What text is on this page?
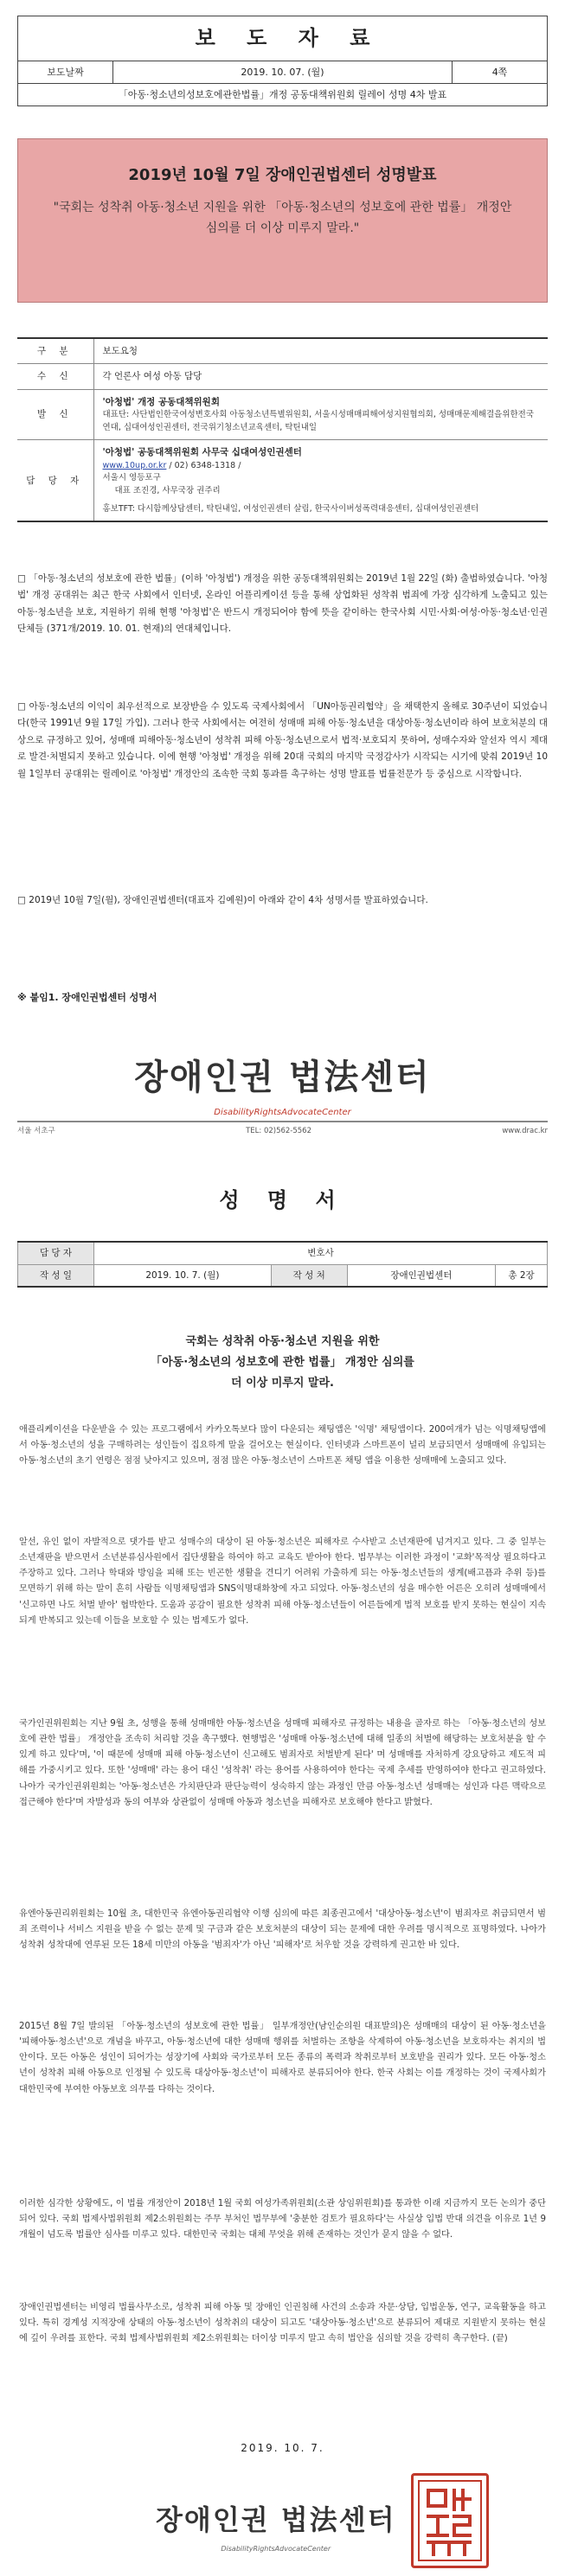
보 도 자 료
보도날짜	2019. 10. 07. (월)	4쪽
「아동·청소년의성보호에관한법률」개정 공동대책위원회 릴레이 성명 4차 발표
2019년 10월 7일 장애인권법센터 성명발표
"국회는 성착취 아동·청소년 지원을 위한 「아동·청소년의 성보호에 관한 법률」 개정안 심의를 더 이상 미루지 말라."
구 분	보도요청
수 신	각 언론사 여성 아동 담당
발 신	'아청법' 개정 공동대책위원회
대표단: 사단법인한국여성변호사회 아동청소년특별위원회, 서울시성매매피해여성지원협의회, 성매매문제해결을위한전국연대, 십대여성인권센터, 전국위기청소년교육센터, 탁틴내일

담 당 자	'아청법' 공동대책위원회 사무국 십대여성인권센터
www.10up.or.kr / 02) 6348-1318 /
서울시 영등포구
대표 조진경, 사무국장 권주리
홍보TFT: 다시함께상담센터, 탁틴내일, 여성인권센터 살림, 한국사이버성폭력대응센터, 십대여성인권센터
□ 「아동·청소년의 성보호에 관한 법률」(이하 '아청법') 개정을 위한 공동대책위원회는 2019년 1월 22일 (화) 출범하였습니다. '아청법' 개정 공대위는 최근 한국 사회에서 인터넷, 온라인 어플리케이션 등을 통해 상업화된 성착취 범죄에 가장 심각하게 노출되고 있는 아동·청소년을 보호, 지원하기 위해 현행 '아청법'은 반드시 개정되어야 함에 뜻을 같이하는 한국사회 시민·사회·여성·아동·청소년·인권 단체들 (371개/2019. 10. 01. 현재)의 연대체입니다.
□ 아동·청소년의 이익이 최우선적으로 보장받을 수 있도록 국제사회에서 「UN아동권리협약」을 채택한지 올해로 30주년이 되었습니다(한국 1991년 9월 17일 가입). 그러나 한국 사회에서는 여전히 성매매 피해 아동·청소년을 대상아동·청소년이라 하여 보호처분의 대상으로 규정하고 있어, 성매매 피해아동·청소년이 성착취 피해 아동·청소년으로서 법적·보호되지 못하여, 성매수자와 알선자 역시 제대로 발견·처벌되지 못하고 있습니다. 이에 현행 '아청법' 개정을 위해 20대 국회의 마지막 국정감사가 시작되는 시기에 맞춰 2019년 10월 1일부터 공대위는 릴레이로 '아청법' 개정안의 조속한 국회 통과를 촉구하는 성명 발표를 법률전문가 등 중심으로 시작합니다.
□ 2019년 10월 7일(월), 장애인권법센터(대표자 김예원)이 아래와 같이 4차 성명서를 발표하였습니다.
※ 붙임1. 장애인권법센터 성명서
장애인권 법法센터
DisabilityRightsAdvocateCenter
서울 서초구	TEL: 02)562-5562	www.drac.kr
성 명 서
담 당 자	변호사			
작 성 일	2019. 10. 7. (월)	작 성 처	장애인권법센터	총 2장
국회는 성착취 아동·청소년 지원을 위한
「아동·청소년의 성보호에 관한 법률」 개정안 심의를
더 이상 미루지 말라.
애플리케이션을 다운받을 수 있는 프로그램에서 카카오톡보다 많이 다운되는 채팅앱은 '익명' 채팅앱이다. 200여개가 넘는 익명채팅앱에서 아동·청소년의 성을 구매하려는 성인들이 집요하게 말을 걸어오는 현실이다. 인터넷과 스마트폰이 널리 보급되면서 성매매에 유입되는 아동·청소년의 초기 연령은 점점 낮아지고 있으며, 점점 많은 아동·청소년이 스마트폰 채팅 앱을 이용한 성매매에 노출되고 있다.
알선, 유인 없이 자발적으로 댓가를 받고 성매수의 대상이 된 아동·청소년은 피해자로 수사받고 소년재판에 넘겨지고 있다. 그 중 일부는 소년재판을 받으면서 소년분류심사원에서 집단생활을 하여야 하고 교육도 받아야 한다. 법무부는 이러한 과정이 '교화'목적상 필요하다고 주장하고 있다. 그러나 학대와 방임을 피해 또는 빈곤한 생활을 견디기 어려워 가출하게 되는 아동·청소년들의 생계(배고픔과 추위 등)를 모면하기 위해 하는 말이 흔히 사람들 익명채팅앱과 SNS익명대화창에 자고 되었다. 아동·청소년의 성을 매수한 어른은 오히려 성매매에서 '신고하면 나도 처벌 받아' 협박한다. 도움과 공감이 필요한 성착취 피해 아동·청소년들이 어른들에게 법적 보호를 받지 못하는 현실이 지속되게 반복되고 있는데 이들을 보호할 수 있는 법제도가 없다.
국가인권위원회는 지난 9월 초, 성행을 통해 성매매한 아동·청소년을 성매매 피해자로 규정하는 내용을 골자로 하는 「아동·청소년의 성보호에 관한 법률」 개정안을 조속히 처리할 것을 촉구했다. 현행법은 '성매매 아동·청소년에 대해 일종의 처벌에 해당하는 보호처분을 할 수 있게 하고 있다'며, '이 때문에 성매매 피해 아동·청소년이 신고해도 범죄자로 처벌받게 된다' 며 성매매를 자처하게 강요당하고 제도적 피해를 가중시키고 있다. 또한 '성매매' 라는 용어 대신 '성착취' 라는 용어를 사용하여야 한다는 국제 추세를 반영하여야 한다고 권고하였다. 나아가 국가인권위원회는 '아동·청소년은 가치판단과 판단능력이 성숙하지 않는 과정인 만큼 아동·청소년 성매매는 성인과 다른 맥락으로 접근해야 한다'며 자발성과 동의 여부와 상관없이 성매매 아동과 청소년을 피해자로 보호해야 한다고 밝혔다.
유엔아동권리위원회는 10월 초, 대한민국 유엔아동권리협약 이행 심의에 따른 최종권고에서 '대상아동·청소년'이 범죄자로 취급되면서 범죄 조력이나 서비스 지원을 받을 수 없는 문제 및 구금과 같은 보호처분의 대상이 되는 문제에 대한 우려를 명시적으로 표명하였다. 나아가 성착취 성착대에 연루된 모든 18세 미만의 아동을 '범죄자'가 아닌 '피해자'로 처우할 것을 강력하게 권고한 바 있다.
2015년 8월 7일 발의된 「아동·청소년의 성보호에 관한 법률」 일부개정안(남인순의원 대표발의)은 성매매의 대상이 된 아동·청소년을 '피해아동·청소년'으로 개념을 바꾸고, 아동·청소년에 대한 성매매 행위를 처벌하는 조항을 삭제하여 아동·청소년을 보호하자는 취지의 법안이다. 모든 아동은 성인이 되어가는 성장기에 사회와 국가로부터 모든 종류의 폭력과 착취로부터 보호받을 권리가 있다. 모든 아동·청소년이 성착취 피해 아동으로 인정될 수 있도록 대상아동·청소년'이 피해자로 분류되어야 한다. 한국 사회는 이를 개정하는 것이 국제사회가 대한민국에 부여한 아동보호 의무를 다하는 것이다.
이러한 심각한 상황에도, 이 법률 개정안이 2018년 1월 국회 여성가족위원회(소관 상임위원회)를 통과한 이래 지금까지 모든 논의가 중단되어 있다. 국회 법제사법위원회 제2소위원회는 주무 부처인 법무부에 '충분한 검토가 필요하다'는 사실상 입법 반대 의견을 이유로 1년 9개월이 넘도록 법률안 심사를 미루고 있다. 대한민국 국회는 대체 무엇을 위해 존재하는 것인가 묻지 않을 수 없다.
장애인권법센터는 비영리 법률사무소로, 성착취 피해 아동 및 장애인 인권침해 사건의 소송과 자문·상담, 입법운동, 연구, 교육활동을 하고 있다. 특히 경계성 지적장애 상태의 아동·청소년이 성착취의 대상이 되고도 '대상아동·청소년'으로 분류되어 제대로 지원받지 못하는 현실에 깊이 우려를 표한다. 국회 법제사법위원회 제2소위원회는 더이상 미루지 말고 속히 법안을 심의할 것을 강력히 촉구한다. (끝)
2019. 10. 7.
장애인권 법法센터
DisabilityRightsAdvocateCenter
